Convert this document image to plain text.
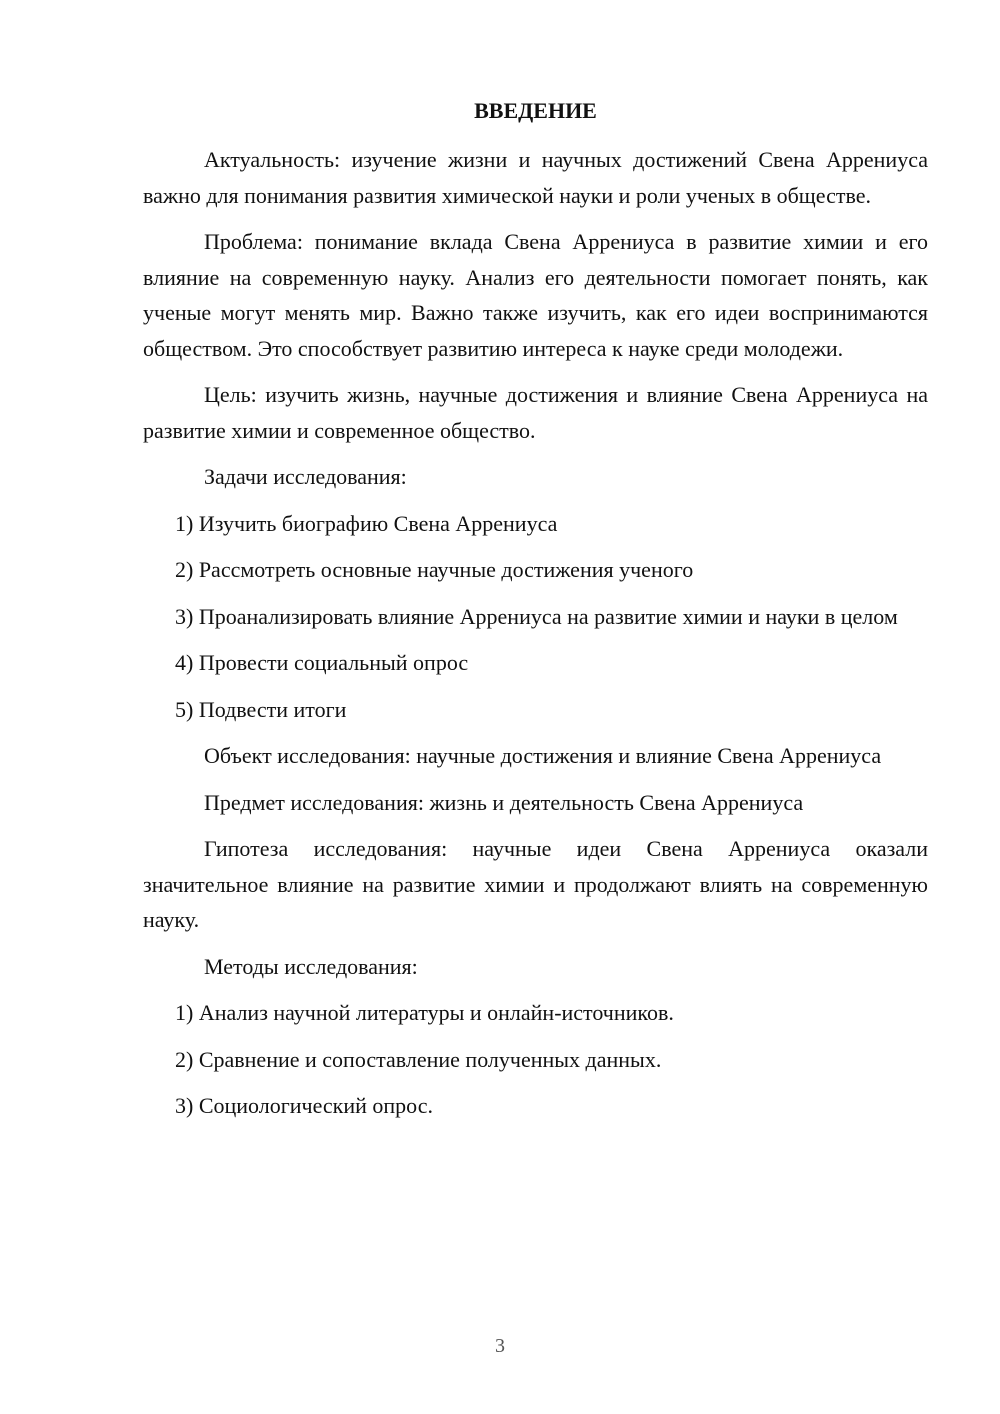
ВВЕДЕНИЕ

Актуальность: изучение жизни и научных достижений Свена Аррениуса важно для понимания развития химической науки и роли ученых в обществе.

Проблема: понимание вклада Свена Аррениуса в развитие химии и его влияние на современную науку. Анализ его деятельности помогает понять, как ученые могут менять мир. Важно также изучить, как его идеи воспринимаются обществом. Это способствует развитию интереса к науке среди молодежи.

Цель: изучить жизнь, научные достижения и влияние Свена Аррениуса на развитие химии и современное общество.

Задачи исследования:

1) Изучить биографию Свена Аррениуса

2) Рассмотреть основные научные достижения ученого

3) Проанализировать влияние Аррениуса на развитие химии и науки в целом

4) Провести социальный опрос

5) Подвести итоги

Объект исследования: научные достижения и влияние Свена Аррениуса

Предмет исследования: жизнь и деятельность Свена Аррениуса

Гипотеза исследования: научные идеи Свена Аррениуса оказали значительное влияние на развитие химии и продолжают влиять на современную науку.

Методы исследования:

1) Анализ научной литературы и онлайн-источников.

2) Сравнение и сопоставление полученных данных.

3) Социологический опрос.

3
